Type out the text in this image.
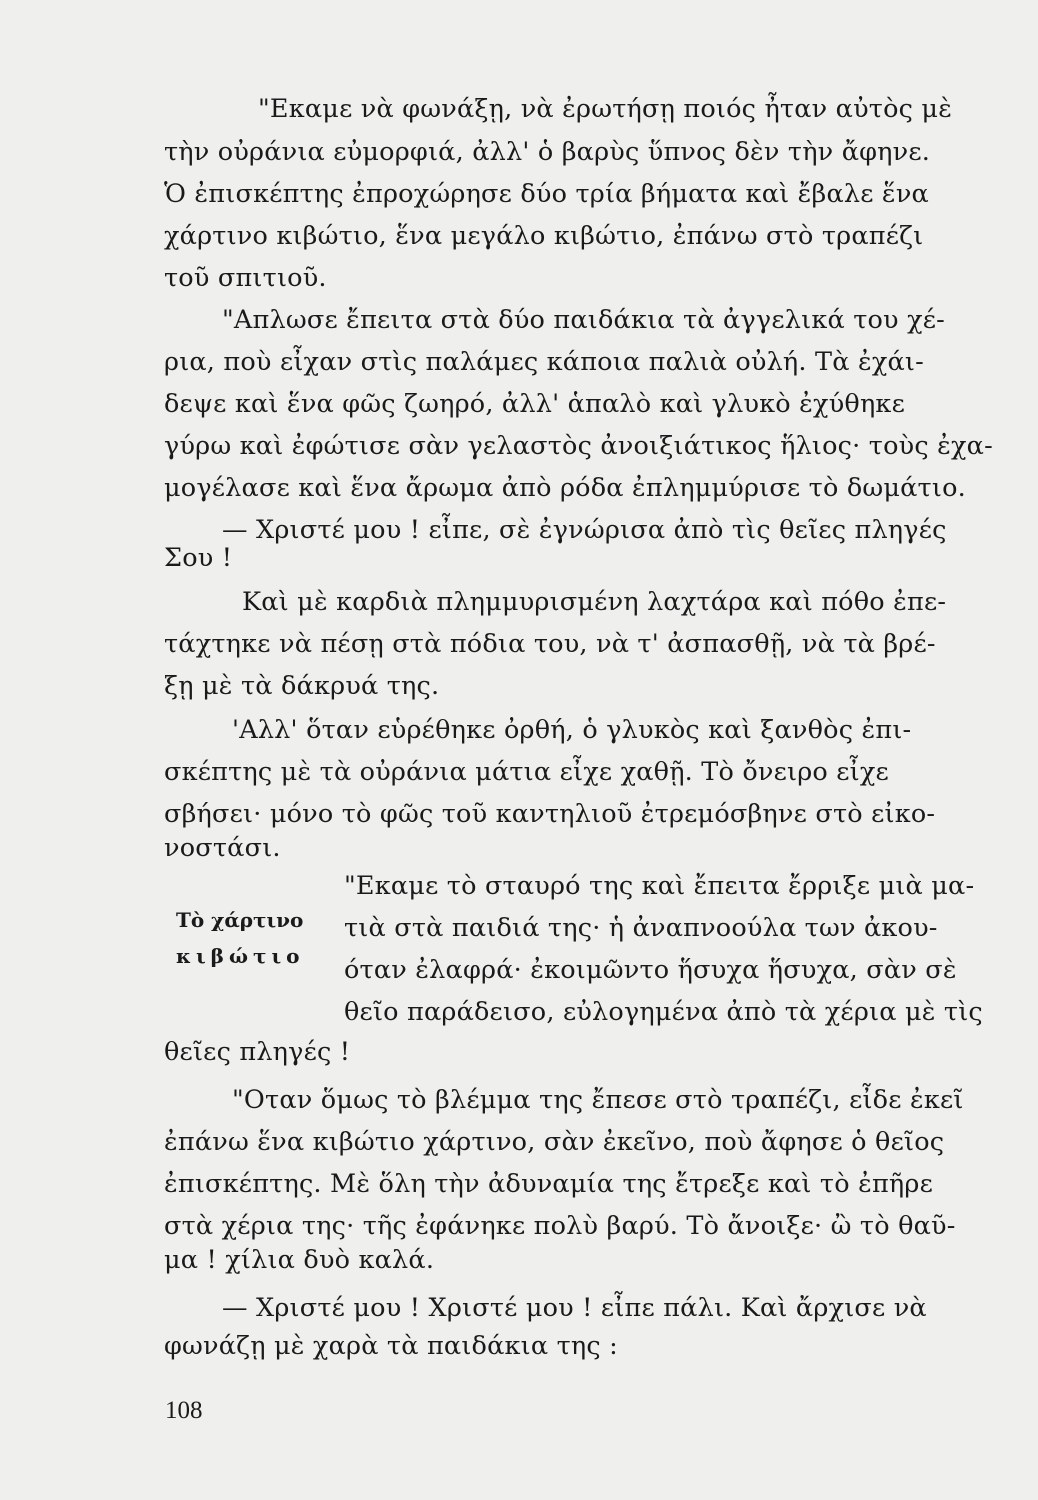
"Εκαμε νὰ φωνάξῃ, νὰ ἐρωτήσῃ ποιός ἦταν αὐτὸς μὲ
τὴν οὐράνια εὐμορφιά, ἀλλ' ὁ βαρὺς ὕπνος δὲν τὴν ἄφηνε.
Ὁ ἐπισκέπτης ἐπροχώρησε δύο τρία βήματα καὶ ἔβαλε ἕνα
χάρτινο κιβώτιο, ἕνα μεγάλο κιβώτιο, ἐπάνω στὸ τραπέζι
τοῦ σπιτιοῦ.
"Απλωσε ἔπειτα στὰ δύο παιδάκια τὰ ἀγγελικά του χέ-
ρια, ποὺ εἶχαν στὶς παλάμες κάποια παλιὰ οὐλή. Τὰ ἐχάι-
δεψε καὶ ἕνα φῶς ζωηρό, ἀλλ' ἁπαλὸ καὶ γλυκὸ ἐχύθηκε
γύρω καὶ ἐφώτισε σὰν γελαστὸς ἀνοιξιάτικος ἥλιος· τοὺς ἐχα-
μογέλασε καὶ ἕνα ἄρωμα ἀπὸ ρόδα ἐπλημμύρισε τὸ δωμάτιο.
— Χριστέ μου ! εἶπε, σὲ ἐγνώρισα ἀπὸ τὶς θεῖες πληγές
Σου !
Καὶ μὲ καρδιὰ πλημμυρισμένη λαχτάρα καὶ πόθο ἐπε-
τάχτηκε νὰ πέσῃ στὰ πόδια του, νὰ τ' ἀσπασθῇ, νὰ τὰ βρέ-
ξῃ μὲ τὰ δάκρυά της.
'Αλλ' ὅταν εὑρέθηκε ὀρθή, ὁ γλυκὸς καὶ ξανθὸς ἐπι-
σκέπτης μὲ τὰ οὐράνια μάτια εἶχε χαθῇ. Τὸ ὄνειρο εἶχε
σβήσει· μόνο τὸ φῶς τοῦ καντηλιοῦ ἐτρεμόσβηνε στὸ εἰκο-
νοστάσι.
Τὸ χάρτινο
κιβώτιο
"Εκαμε τὸ σταυρό της καὶ ἔπειτα ἔρριξε μιὰ μα-
τιὰ στὰ παιδιά της· ἡ ἀναπνοούλα των ἀκου-
όταν ἐλαφρά· ἐκοιμῶντο ἥσυχα ἥσυχα, σὰν σὲ
θεῖο παράδεισο, εὐλογημένα ἀπὸ τὰ χέρια μὲ τὶς
θεῖες πληγές !
"Οταν ὅμως τὸ βλέμμα της ἔπεσε στὸ τραπέζι, εἶδε ἐκεῖ
ἐπάνω ἕνα κιβώτιο χάρτινο, σὰν ἐκεῖνο, ποὺ ἄφησε ὁ θεῖος
ἐπισκέπτης. Μὲ ὅλη τὴν ἀδυναμία της ἔτρεξε καὶ τὸ ἐπῆρε
στὰ χέρια της· τῆς ἐφάνηκε πολὺ βαρύ. Τὸ ἄνοιξε· ὢ τὸ θαῦ-
μα ! χίλια δυὸ καλά.
— Χριστέ μου ! Χριστέ μου ! εἶπε πάλι. Καὶ ἄρχισε νὰ
φωνάζῃ μὲ χαρὰ τὰ παιδάκια της :
108
